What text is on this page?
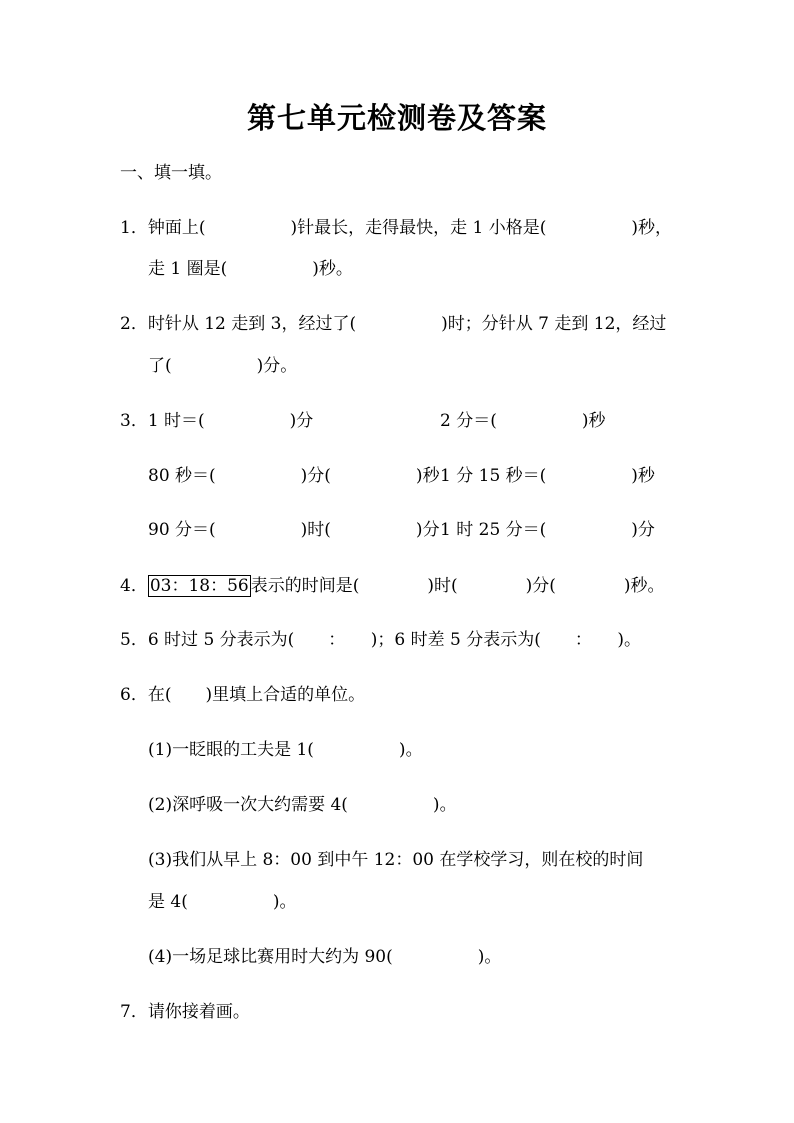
第七单元检测卷及答案
一、填一填。
1．钟面上(　　　　　)针最长，走得最快，走 1 小格是(　　　　　)秒，
走 1 圈是(　　　　　)秒。
2．时针从 12 走到 3，经过了(　　　　　)时；分针从 7 走到 12，经过
了(　　　　　)分。
3．1 时＝(　　　　　)分	2 分＝(　　　　　)秒
80 秒＝(　　　　　)分(　　　　　)秒 1 分 15 秒＝(　　　　　)秒
90 分＝(　　　　　)时(　　　　　)分 1 时 25 分＝(　　　　　)分
4． 03：18：56 表示的时间是(　　　　)时(　　　　)分(　　　　)秒。
5．6 时过 5 分表示为(　　：　　)；6 时差 5 分表示为(　　：　　)。
6．在(　　)里填上合适的单位。
(1)一眨眼的工夫是 1(　　　　　)。
(2)深呼吸一次大约需要 4(　　　　　)。
(3)我们从早上 8：00 到中午 12：00 在学校学习，则在校的时间
是 4(　　　　　)。
(4)一场足球比赛用时大约为 90(　　　　　)。
7．请你接着画。
